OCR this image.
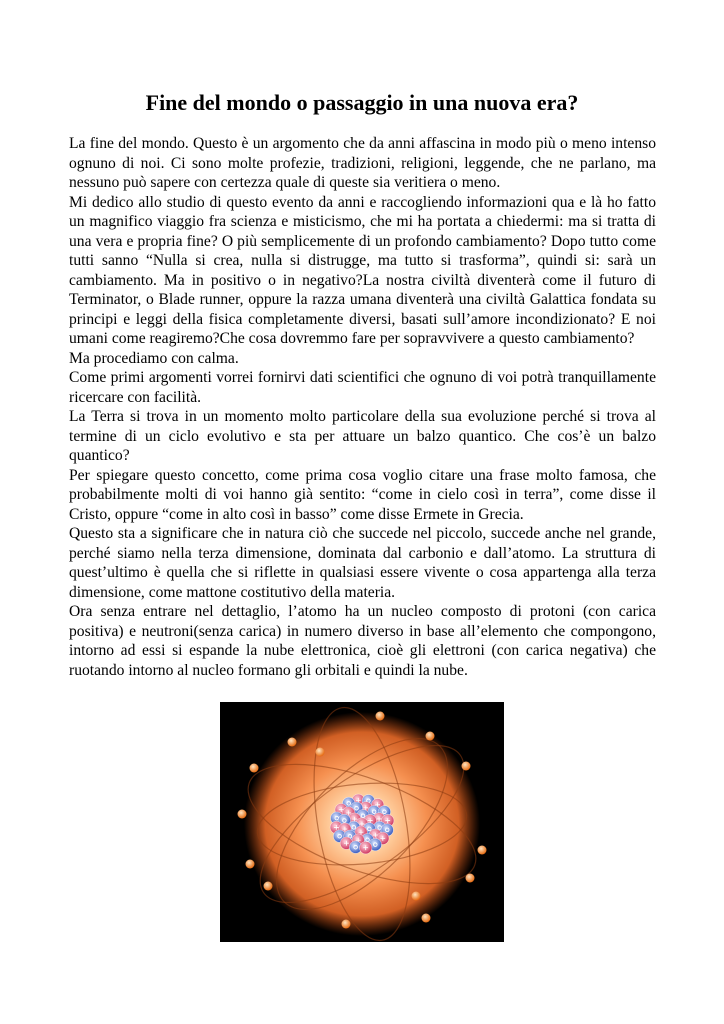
Fine del mondo o passaggio in una nuova era?

La fine del mondo. Questo è un argomento che da anni affascina in modo più o meno intenso ognuno di noi. Ci sono molte profezie, tradizioni, religioni, leggende, che ne parlano, ma nessuno può sapere con certezza quale di queste sia veritiera o meno.

Mi dedico allo studio di questo evento da anni e raccogliendo informazioni qua e là ho fatto un magnifico viaggio fra scienza e misticismo, che mi ha portata a chiedermi: ma si tratta di una vera e propria fine? O più semplicemente di un profondo cambiamento? Dopo tutto come tutti sanno “Nulla si crea, nulla si distrugge, ma tutto si trasforma”, quindi si: sarà un cambiamento. Ma in positivo o in negativo?La nostra civiltà diventerà come il futuro di Terminator, o Blade runner, oppure la razza umana diventerà una civiltà Galattica fondata su principi e leggi della fisica completamente diversi, basati sull’amore incondizionato? E noi umani come reagiremo?Che cosa dovremmo fare per sopravvivere a questo cambiamento?

Ma procediamo con calma.

Come primi argomenti vorrei fornirvi dati scientifici che ognuno di voi potrà tranquillamente ricercare con facilità.

La Terra si trova in un momento molto particolare della sua evoluzione perché si trova al termine di un ciclo evolutivo e sta per attuare un balzo quantico. Che cos’è un balzo quantico?

Per spiegare questo concetto, come prima cosa voglio citare una frase molto famosa, che probabilmente molti di voi hanno già sentito: “come in cielo così in terra”, come disse il Cristo, oppure “come in alto così in basso” come disse Ermete in Grecia.

Questo sta a significare che in natura ciò che succede nel piccolo, succede anche nel grande, perché siamo nella terza dimensione, dominata dal carbonio e dall’atomo. La struttura di quest’ultimo è quella che si riflette in qualsiasi essere vivente o cosa appartenga alla terza dimensione, come mattone costitutivo della materia.

Ora senza entrare nel dettaglio, l’atomo ha un nucleo composto di protoni (con carica positiva) e neutroni(senza carica) in numero diverso in base all’elemento che compongono, intorno ad essi si espande la nube elettronica, cioè gli elettroni (con carica negativa) che ruotando intorno al nucleo formano gli orbitali e quindi la nube.
